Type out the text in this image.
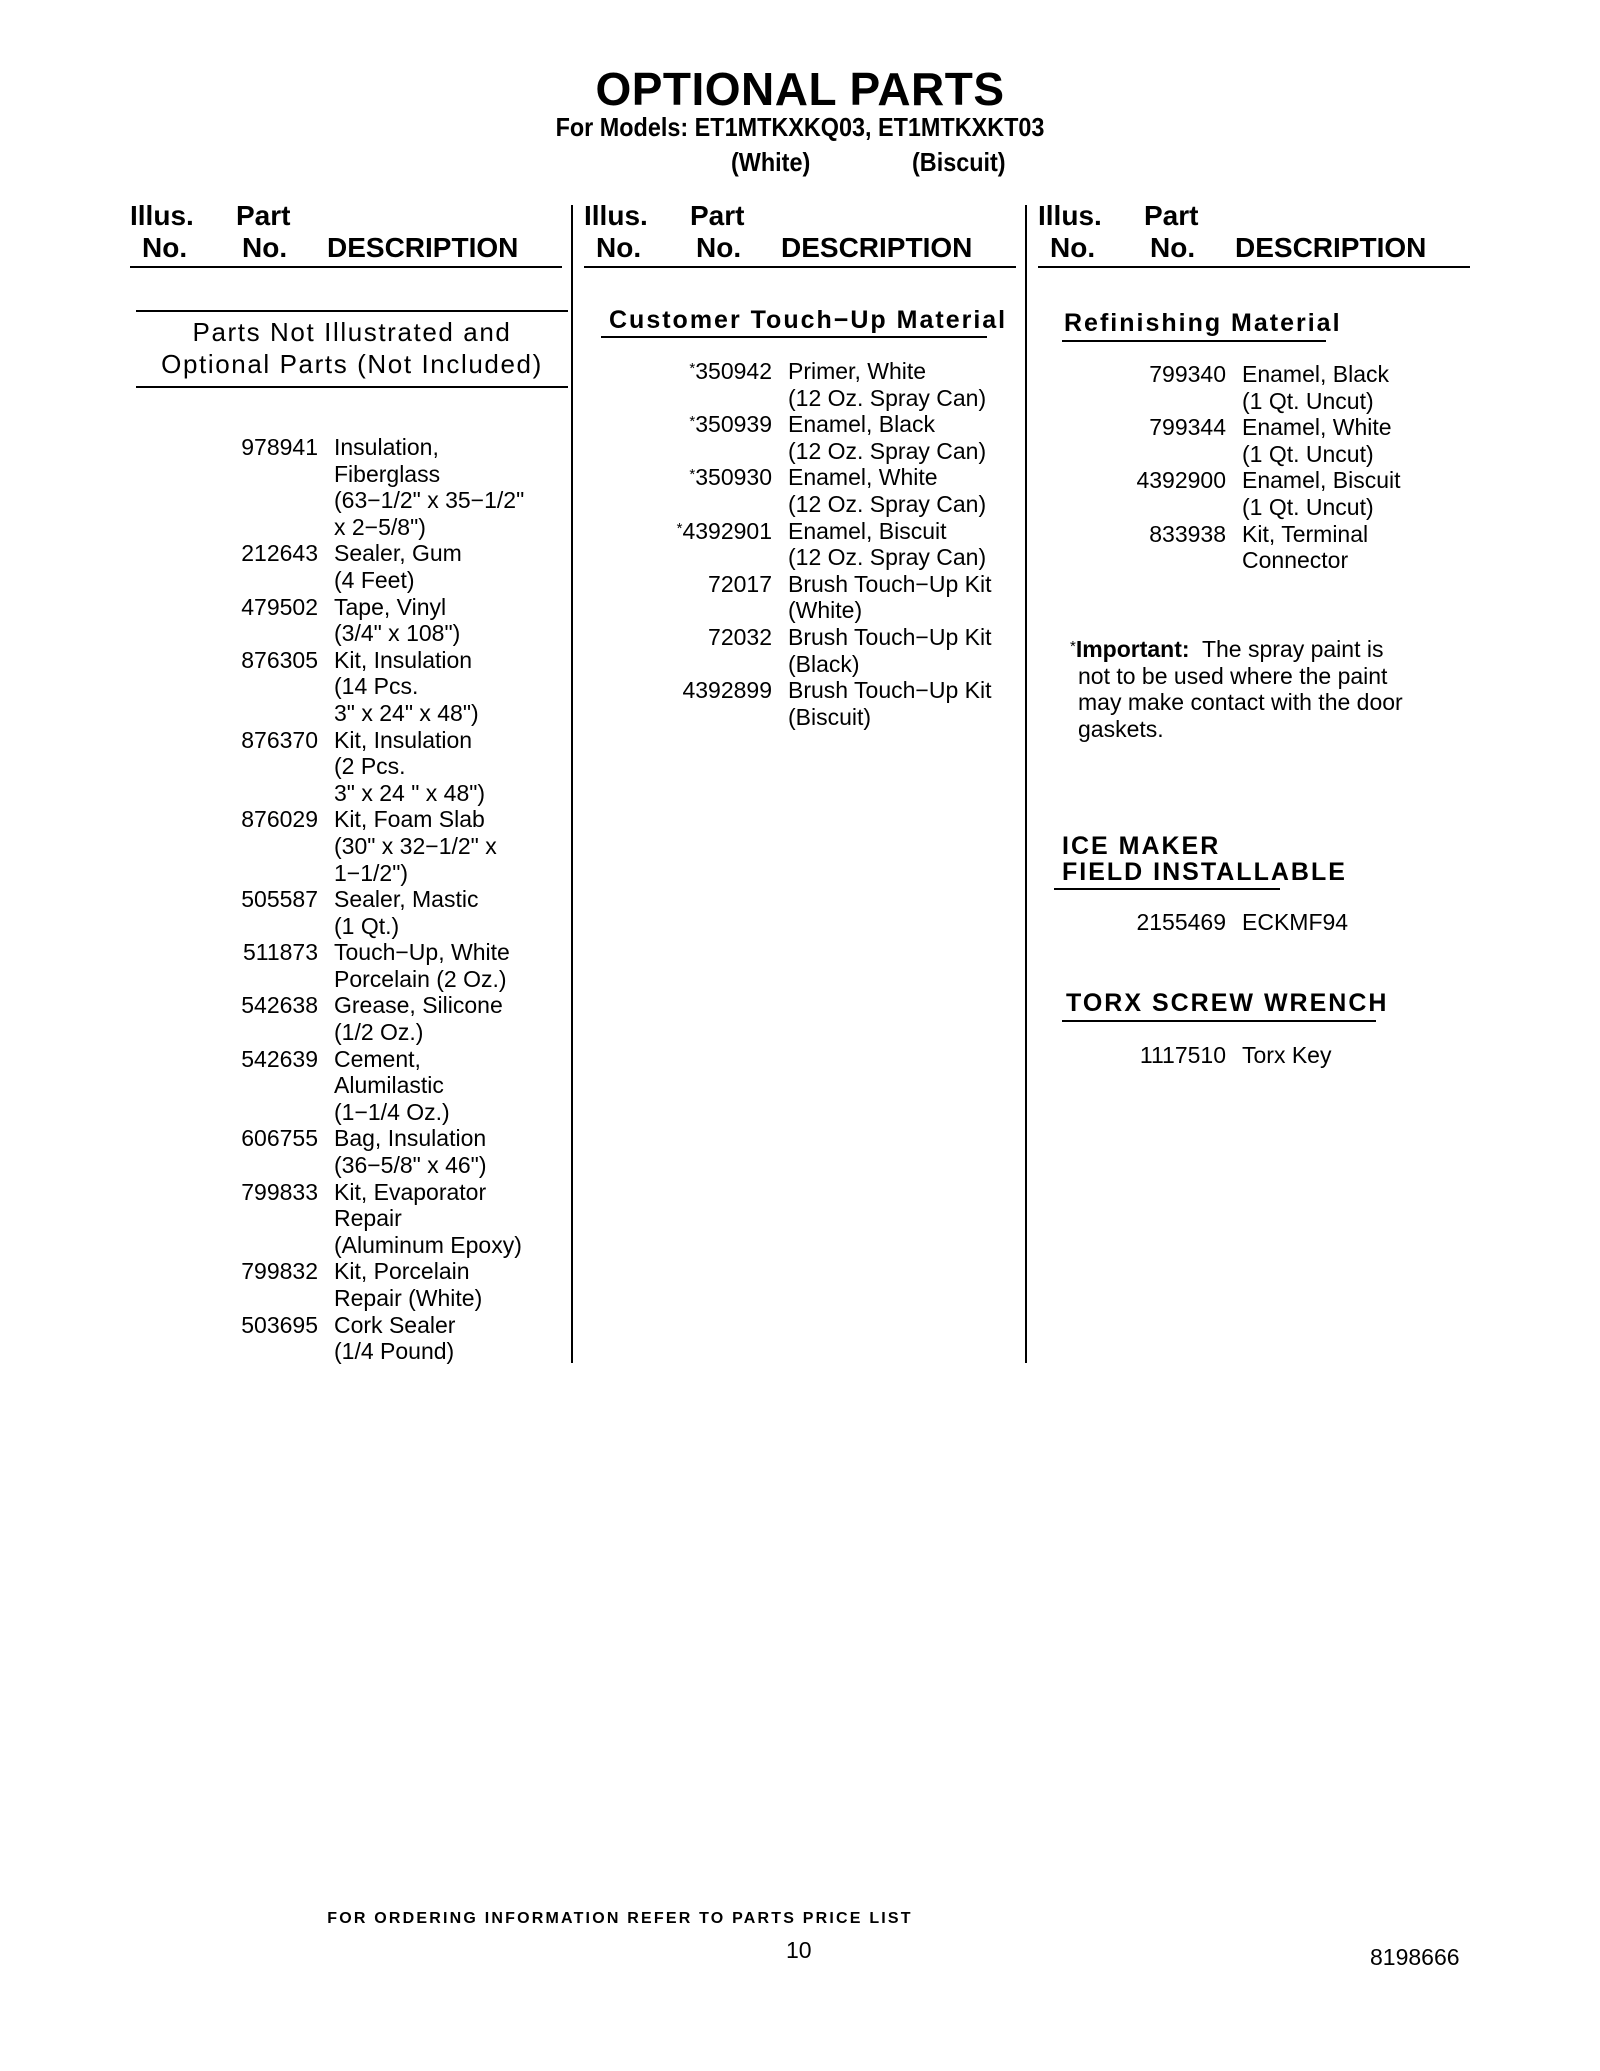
OPTIONAL PARTS
For Models: ET1MTKXKQ03, ET1MTKXKT03
(White)	(Biscuit)
Illus.
No.
Part
No. DESCRIPTION
Illus.
No.
Part
No. DESCRIPTION
Illus.
No.
Part
No. DESCRIPTION
Parts Not Illustrated and
Optional Parts (Not Included)
978941 Insulation,
Fiberglass
(63−1/2" x 35−1/2"
x 2−5/8")
212643 Sealer, Gum
(4 Feet)
479502 Tape, Vinyl
(3/4" x 108")
876305 Kit, Insulation
(14 Pcs.
3" x 24" x 48")
876370 Kit, Insulation
(2 Pcs.
3" x 24 " x 48")
876029 Kit, Foam Slab
(30" x 32−1/2" x
1−1/2")
505587 Sealer, Mastic
(1 Qt.)
511873 Touch−Up, White
Porcelain (2 Oz.)
542638 Grease, Silicone
(1/2 Oz.)
542639 Cement,
Alumilastic
(1−1/4 Oz.)
606755 Bag, Insulation
(36−5/8" x 46")
799833 Kit, Evaporator
Repair
(Aluminum Epoxy)
799832 Kit, Porcelain
Repair (White)
503695 Cork Sealer
(1/4 Pound)
Customer Touch−Up Material
*350942 Primer, White
(12 Oz. Spray Can)
*350939 Enamel, Black
(12 Oz. Spray Can)
*350930 Enamel, White
(12 Oz. Spray Can)
*4392901 Enamel, Biscuit
(12 Oz. Spray Can)
72017 Brush Touch−Up Kit
(White)
72032 Brush Touch−Up Kit
(Black)
4392899 Brush Touch−Up Kit
(Biscuit)
Refinishing Material
799340 Enamel, Black
(1 Qt. Uncut)
799344 Enamel, White
(1 Qt. Uncut)
4392900 Enamel, Biscuit
(1 Qt. Uncut)
833938 Kit, Terminal
Connector
*Important: The spray paint is
not to be used where the paint
may make contact with the door
gaskets.
ICE MAKER
FIELD INSTALLABLE
2155469 ECKMF94
TORX SCREW WRENCH
1117510 Torx Key
FOR ORDERING INFORMATION REFER TO PARTS PRICE LIST
10	8198666
